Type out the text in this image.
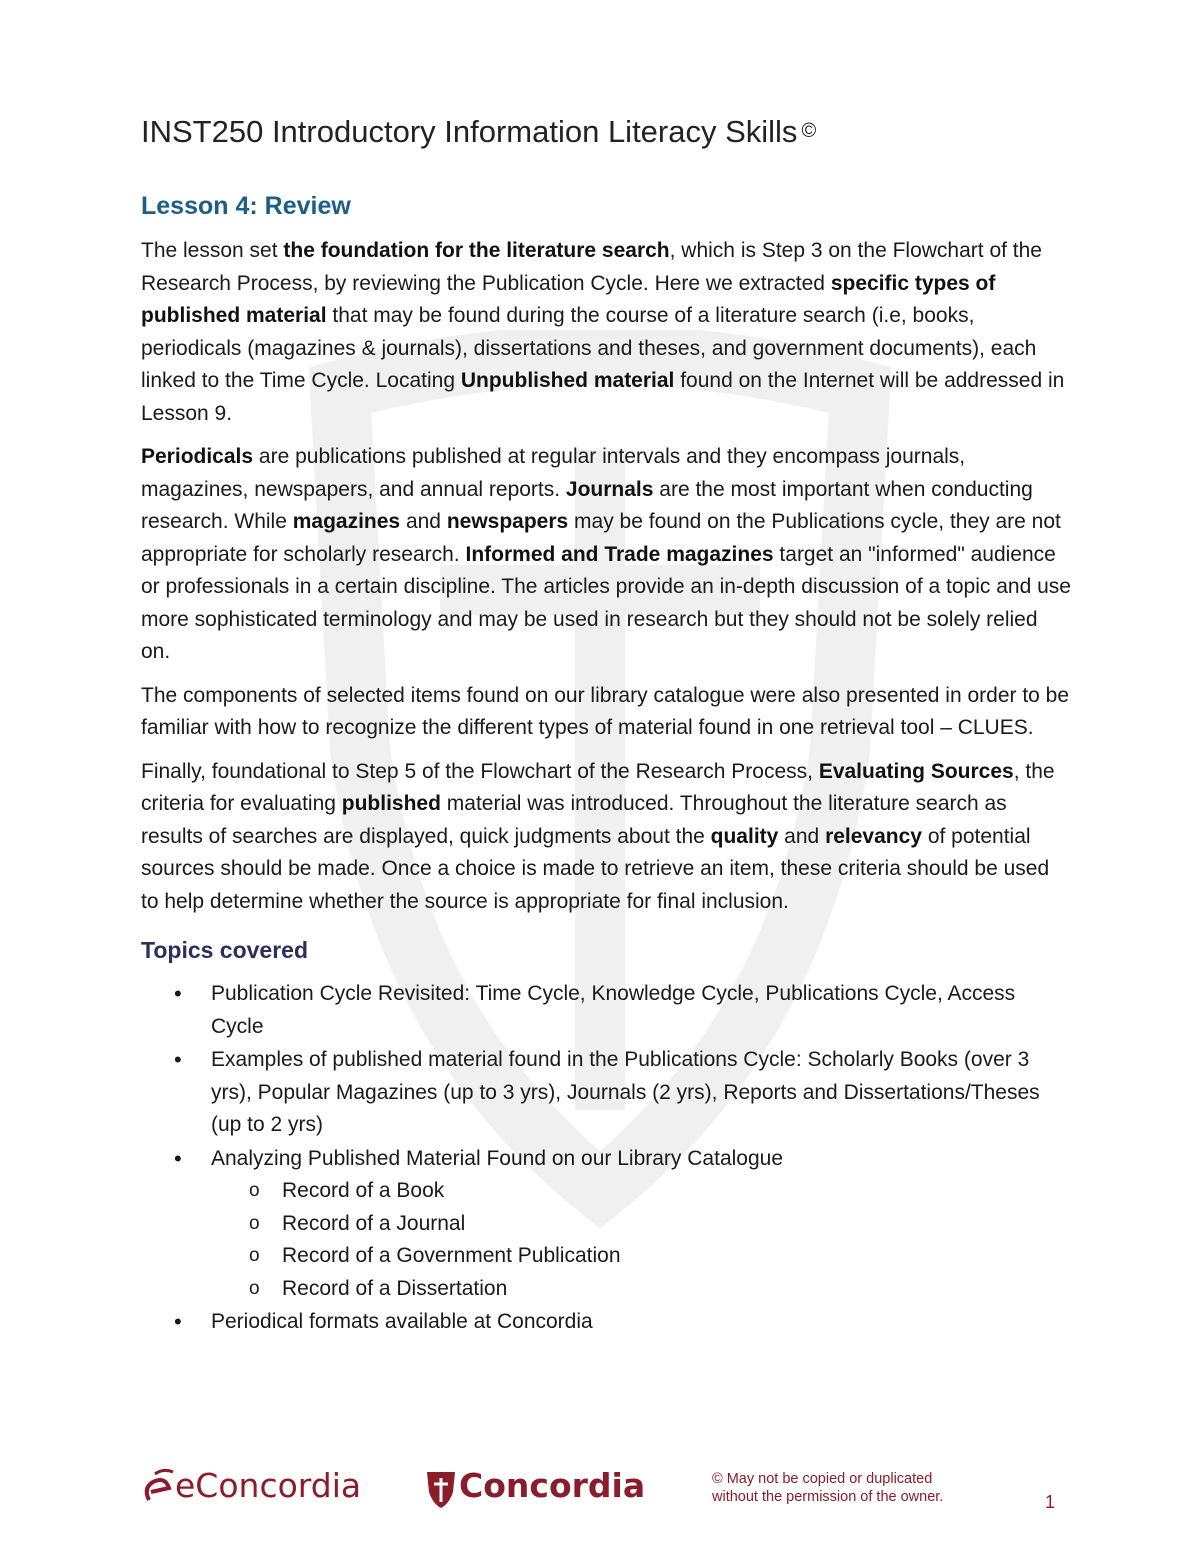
INST250 Introductory Information Literacy Skills ©
Lesson 4: Review

The lesson set the foundation for the literature search, which is Step 3 on the Flowchart of the Research Process, by reviewing the Publication Cycle. Here we extracted specific types of published material that may be found during the course of a literature search (i.e, books, periodicals (magazines & journals), dissertations and theses, and government documents), each linked to the Time Cycle. Locating Unpublished material found on the Internet will be addressed in Lesson 9.

Periodicals are publications published at regular intervals and they encompass journals, magazines, newspapers, and annual reports. Journals are the most important when conducting research. While magazines and newspapers may be found on the Publications cycle, they are not appropriate for scholarly research. Informed and Trade magazines target an "informed" audience or professionals in a certain discipline. The articles provide an in-depth discussion of a topic and use more sophisticated terminology and may be used in research but they should not be solely relied on.

The components of selected items found on our library catalogue were also presented in order to be familiar with how to recognize the different types of material found in one retrieval tool – CLUES.

Finally, foundational to Step 5 of the Flowchart of the Research Process, Evaluating Sources, the criteria for evaluating published material was introduced. Throughout the literature search as results of searches are displayed, quick judgments about the quality and relevancy of potential sources should be made. Once a choice is made to retrieve an item, these criteria should be used to help determine whether the source is appropriate for final inclusion.

Topics covered
• Publication Cycle Revisited: Time Cycle, Knowledge Cycle, Publications Cycle, Access Cycle
• Examples of published material found in the Publications Cycle: Scholarly Books (over 3 yrs), Popular Magazines (up to 3 yrs), Journals (2 yrs), Reports and Dissertations/Theses (up to 2 yrs)
• Analyzing Published Material Found on our Library Catalogue
o Record of a Book
o Record of a Journal
o Record of a Government Publication
o Record of a Dissertation
• Periodical formats available at Concordia
eConcordia	Concordia	© May not be copied or duplicated
without the permission of the owner.	1
